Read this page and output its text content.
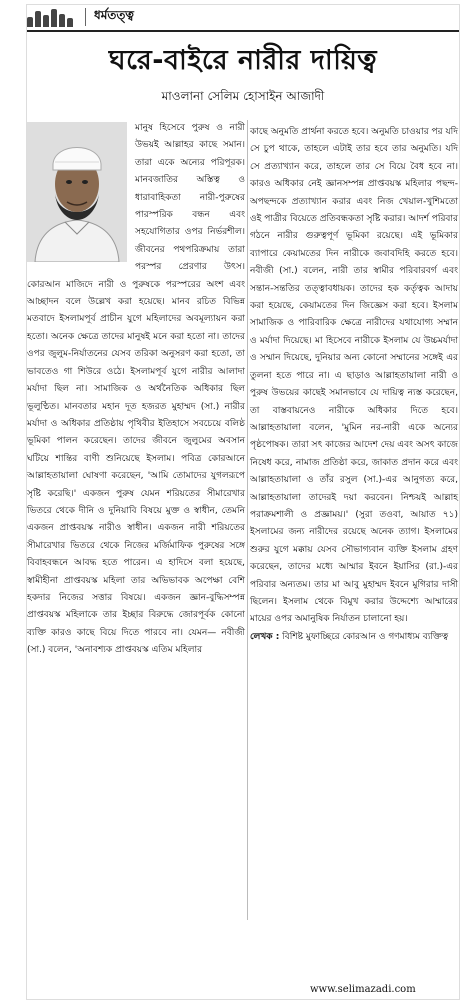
ধর্মতত্ত্ব
ঘরে-বাইরে নারীর দায়িত্ব
মাওলানা সেলিম হোসাইন আজাদী

মানুষ হিসেবে পুরুষ ও নারী উভয়ই আল্লাহর কাছে সমান। তারা একে অন্যের পরিপূরক। মানবজাতির অস্তিত্ব ও ধারাবাহিকতা নারী-পুরুষের পারস্পরিক বন্ধন এবং সহযোগিতার ওপর নির্ভরশীল। জীবনের পথপরিক্রমায় তারা পরস্পর প্রেরণার উৎস। কোরআন মাজিদে নারী ও পুরুষকে পরস্পরের অংশ এবং আচ্ছাদন বলে উল্লেখ করা হয়েছে। মানব রচিত বিভিন্ন মতবাদে ইসলামপূর্ব প্রাচীন যুগে মহিলাদের অবমূল্যায়ন করা হতো। অনেক ক্ষেত্রে তাদের মানুষই মনে করা হতো না। তাদের ওপর জুলুম-নির্যাতনের যেসব তরিকা অনুসরণ করা হতো, তা ভাবতেও গা শিউরে ওঠে। ইসলামপূর্ব যুগে নারীর আলাদা মর্যাদা ছিল না। সামাজিক ও অর্থনৈতিক অধিকার ছিল ভূলুণ্ঠিত। মানবতার মহান দূত হজরত মুহাম্মদ (সা.) নারীর মর্যাদা ও অধিকার প্রতিষ্ঠায় পৃথিবীর ইতিহাসে সবচেয়ে বলিষ্ঠ ভূমিকা পালন করেছেন। তাদের জীবনে জুলুমের অবসান ঘটিয়ে শান্তির বাণী শুনিয়েছে ইসলাম। পবিত্র কোরআনে আল্লাহতায়ালা ঘোষণা করেছেন, 'আমি তোমাদের যুগলরূপে সৃষ্টি করেছি।' একজন পুরুষ যেমন শরিয়তের সীমারেখার ভিতরে থেকে দীনি ও দুনিয়াবি বিষয়ে মুক্ত ও স্বাধীন, তেমনি একজন প্রাপ্তবয়স্ক নারীও স্বাধীন। একজন নারী শরিয়তের সীমারেখার ভিতরে থেকে নিজের মর্জিমাফিক পুরুষের সঙ্গে বিবাহবন্ধনে আবদ্ধ হতে পারেন। এ হাদিসে বলা হয়েছে, স্বামীহীনা প্রাপ্তবয়স্ক মহিলা তার অভিভাবক অপেক্ষা বেশি হকদার নিজের সত্তার বিষয়ে। একজন জ্ঞান-বুদ্ধিসম্পন্ন প্রাপ্তবয়স্ক মহিলাকে তার ইচ্ছার বিরুদ্ধে জোরপূর্বক কোনো ব্যক্তি কারও কাছে বিয়ে দিতে পারবে না। যেমন— নবীজী (সা.) বলেন, 'অনাবশ্যক প্রাপ্তবয়স্ক এতিম মহিলার

কাছে অনুমতি প্রার্থনা করতে হবে। অনুমতি চাওয়ার পর যদি সে চুপ থাকে, তাহলে এটাই তার হবে তার অনুমতি। যদি সে প্রত্যাখ্যান করে, তাহলে তার সে বিয়ে বৈধ হবে না। কারও অধিকার নেই জ্ঞানসম্পন্ন প্রাপ্তবয়স্ক মহিলার পছন্দ-অপছন্দকে প্রত্যাখ্যান করার এবং নিজ খেয়াল-খুশিমতো ওই পাত্রীর বিয়েতে প্রতিবন্ধকতা সৃষ্টি করার। আদর্শ পরিবার গঠনে নারীর গুরুত্বপূর্ণ ভূমিকা রয়েছে। এই ভূমিকার ব্যাপারে কেয়ামতের দিন নারীকে জবাবদিহি করতে হবে। নবীজী (সা.) বলেন, নারী তার স্বামীর পরিবারবর্গ এবং সন্তান-সন্ততির তত্ত্বাবধায়ক। তাদের হক কর্তৃত্বক আদায় করা হয়েছে, কেয়ামতের দিন জিজ্ঞেস করা হবে। ইসলাম সামাজিক ও পারিবারিক ক্ষেত্রে নারীদের যথাযোগ্য সম্মান ও মর্যাদা দিয়েছে। মা হিসেবে নারীকে ইসলাম যে উচ্চমর্যাদা ও সম্মান দিয়েছে, দুনিয়ার অন্য কোনো সম্মানের সঙ্গেই এর তুলনা হতে পারে না। এ ছাড়াও আল্লাহতায়ালা নারী ও পুরুষ উভয়ের কাছেই সমানভাবে যে দায়িত্ব ন্যস্ত করেছেন, তা বাস্তবায়নেও নারীকে অধিকার দিতে হবে। আল্লাহতায়ালা বলেন, 'মুমিন নর-নারী একে অন্যের পৃষ্ঠপোষক। তারা সৎ কাজের আদেশ দেয় এবং অসৎ কাজে নিষেধ করে, নামাজ প্রতিষ্ঠা করে, জাকাত প্রদান করে এবং আল্লাহতায়ালা ও তাঁর রসুল (সা.)-এর আনুগত্য করে, আল্লাহতায়ালা তাদেরই দয়া করবেন। নিশ্চয়ই আল্লাহ পরাক্রমশালী ও প্রজ্ঞাময়।' (সুরা তওবা, আয়াত ৭১) ইসলামের জন্য নারীদের রয়েছে অনেক ত্যাগ। ইসলামের শুরুর যুগে মক্কায় যেসব সৌভাগ্যবান ব্যক্তি ইসলাম গ্রহণ করেছেন, তাদের মধ্যে আম্মার ইবনে ইয়াসির (রা.)-এর পরিবার অন্যতম। তার মা আবু মুহাম্মদ ইবনে মুগিরার দাসী ছিলেন। ইসলাম থেকে বিমুখ করার উদ্দেশ্যে আম্মারের মায়ের ওপর অমানুষিক নির্যাতন চালানো হয়।

লেখক : বিশিষ্ট মুফাচ্ছিরে কোরআন ও গণমাধ্যম ব্যক্তিত্ব

www.selimazadi.com
